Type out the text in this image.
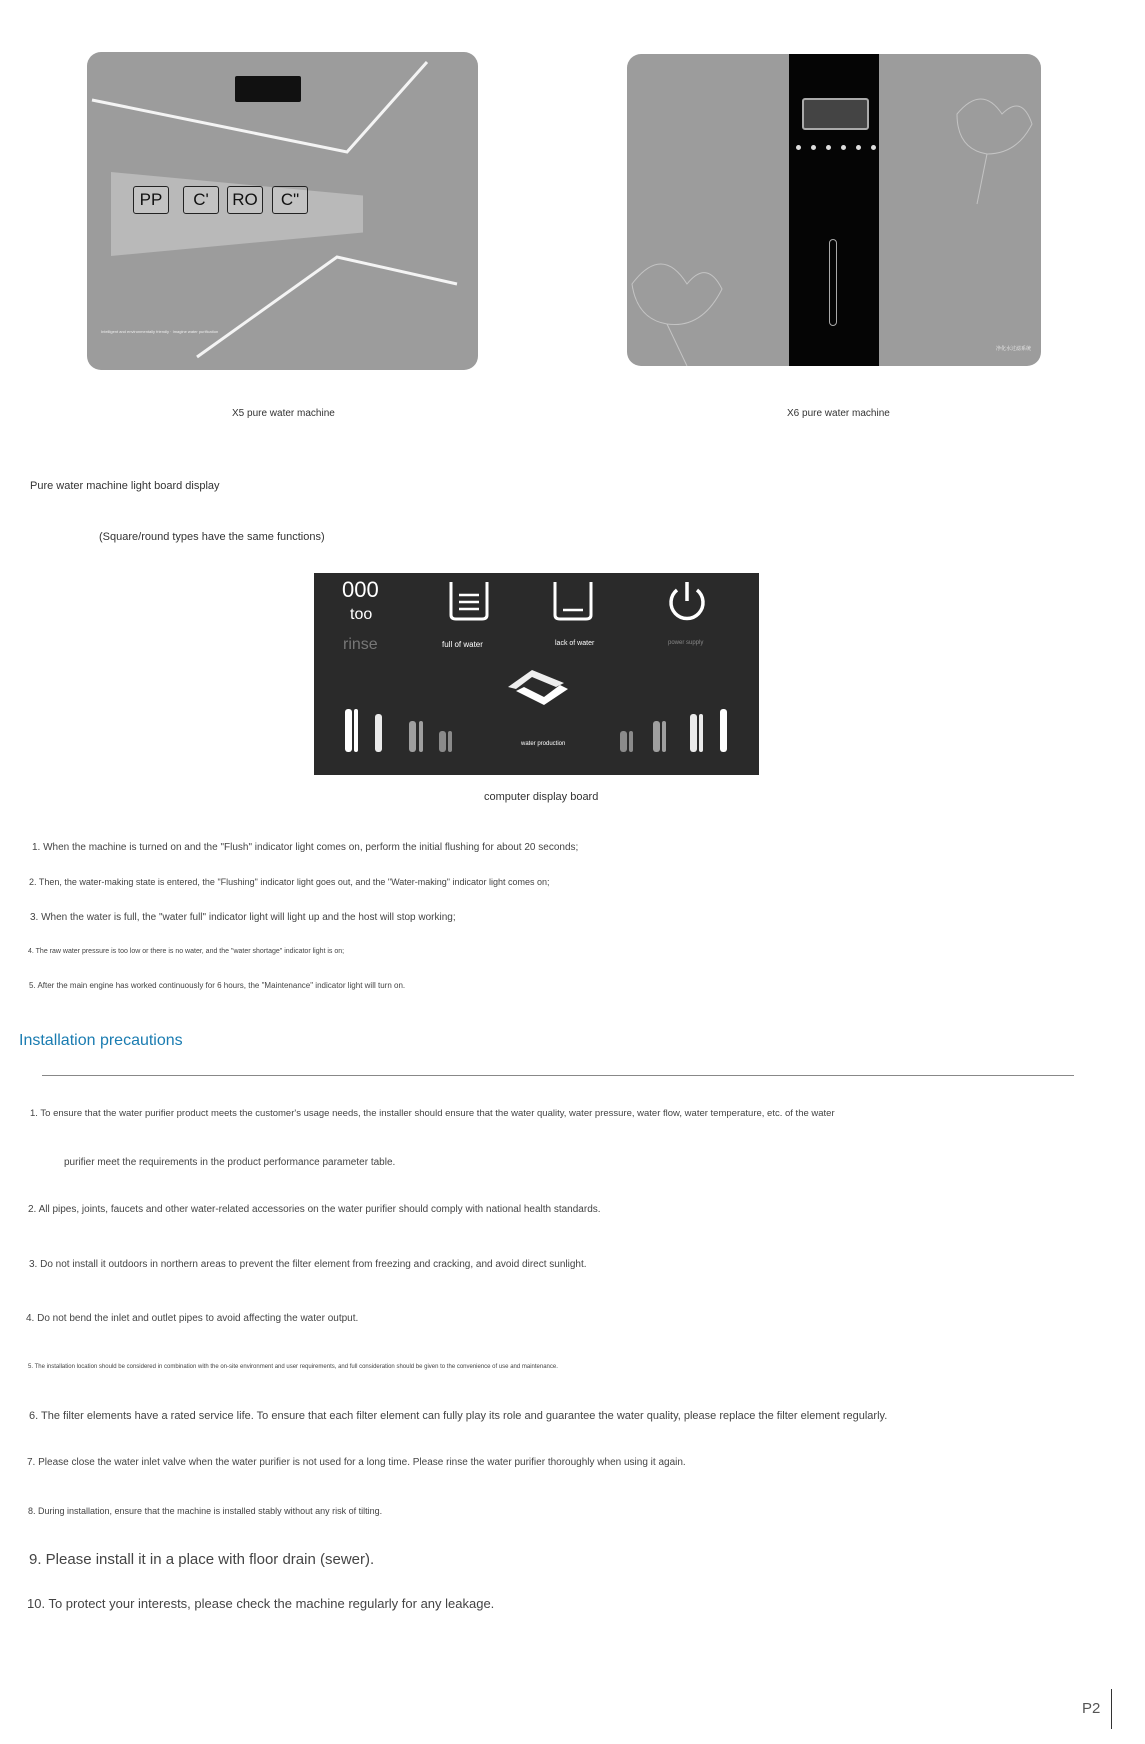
PP	C'	RO	C"
Intelligent and environmentally friendly · Imagine water purification
X5 pure water machine
净化水过滤系统
X6 pure water machine
Pure water machine light board display
(Square/round types have the same functions)
000
too
rinse	full of water	lack of water	power supply
water production
computer display board
1. When the machine is turned on and the "Flush" indicator light comes on, perform the initial flushing for about 20 seconds;
2. Then, the water-making state is entered, the "Flushing" indicator light goes out, and the "Water-making" indicator light comes on;
3. When the water is full, the "water full" indicator light will light up and the host will stop working;
4. The raw water pressure is too low or there is no water, and the "water shortage" indicator light is on;
5. After the main engine has worked continuously for 6 hours, the "Maintenance" indicator light will turn on.
Installation precautions
1. To ensure that the water purifier product meets the customer's usage needs, the installer should ensure that the water quality, water pressure, water flow, water temperature, etc. of the water
purifier meet the requirements in the product performance parameter table.
2. All pipes, joints, faucets and other water-related accessories on the water purifier should comply with national health standards.
3. Do not install it outdoors in northern areas to prevent the filter element from freezing and cracking, and avoid direct sunlight.
4. Do not bend the inlet and outlet pipes to avoid affecting the water output.
5. The installation location should be considered in combination with the on-site environment and user requirements, and full consideration should be given to the convenience of use and maintenance.
6. The filter elements have a rated service life. To ensure that each filter element can fully play its role and guarantee the water quality, please replace the filter element regularly.
7. Please close the water inlet valve when the water purifier is not used for a long time. Please rinse the water purifier thoroughly when using it again.
8. During installation, ensure that the machine is installed stably without any risk of tilting.
9. Please install it in a place with floor drain (sewer).
10. To protect your interests, please check the machine regularly for any leakage.
P2
